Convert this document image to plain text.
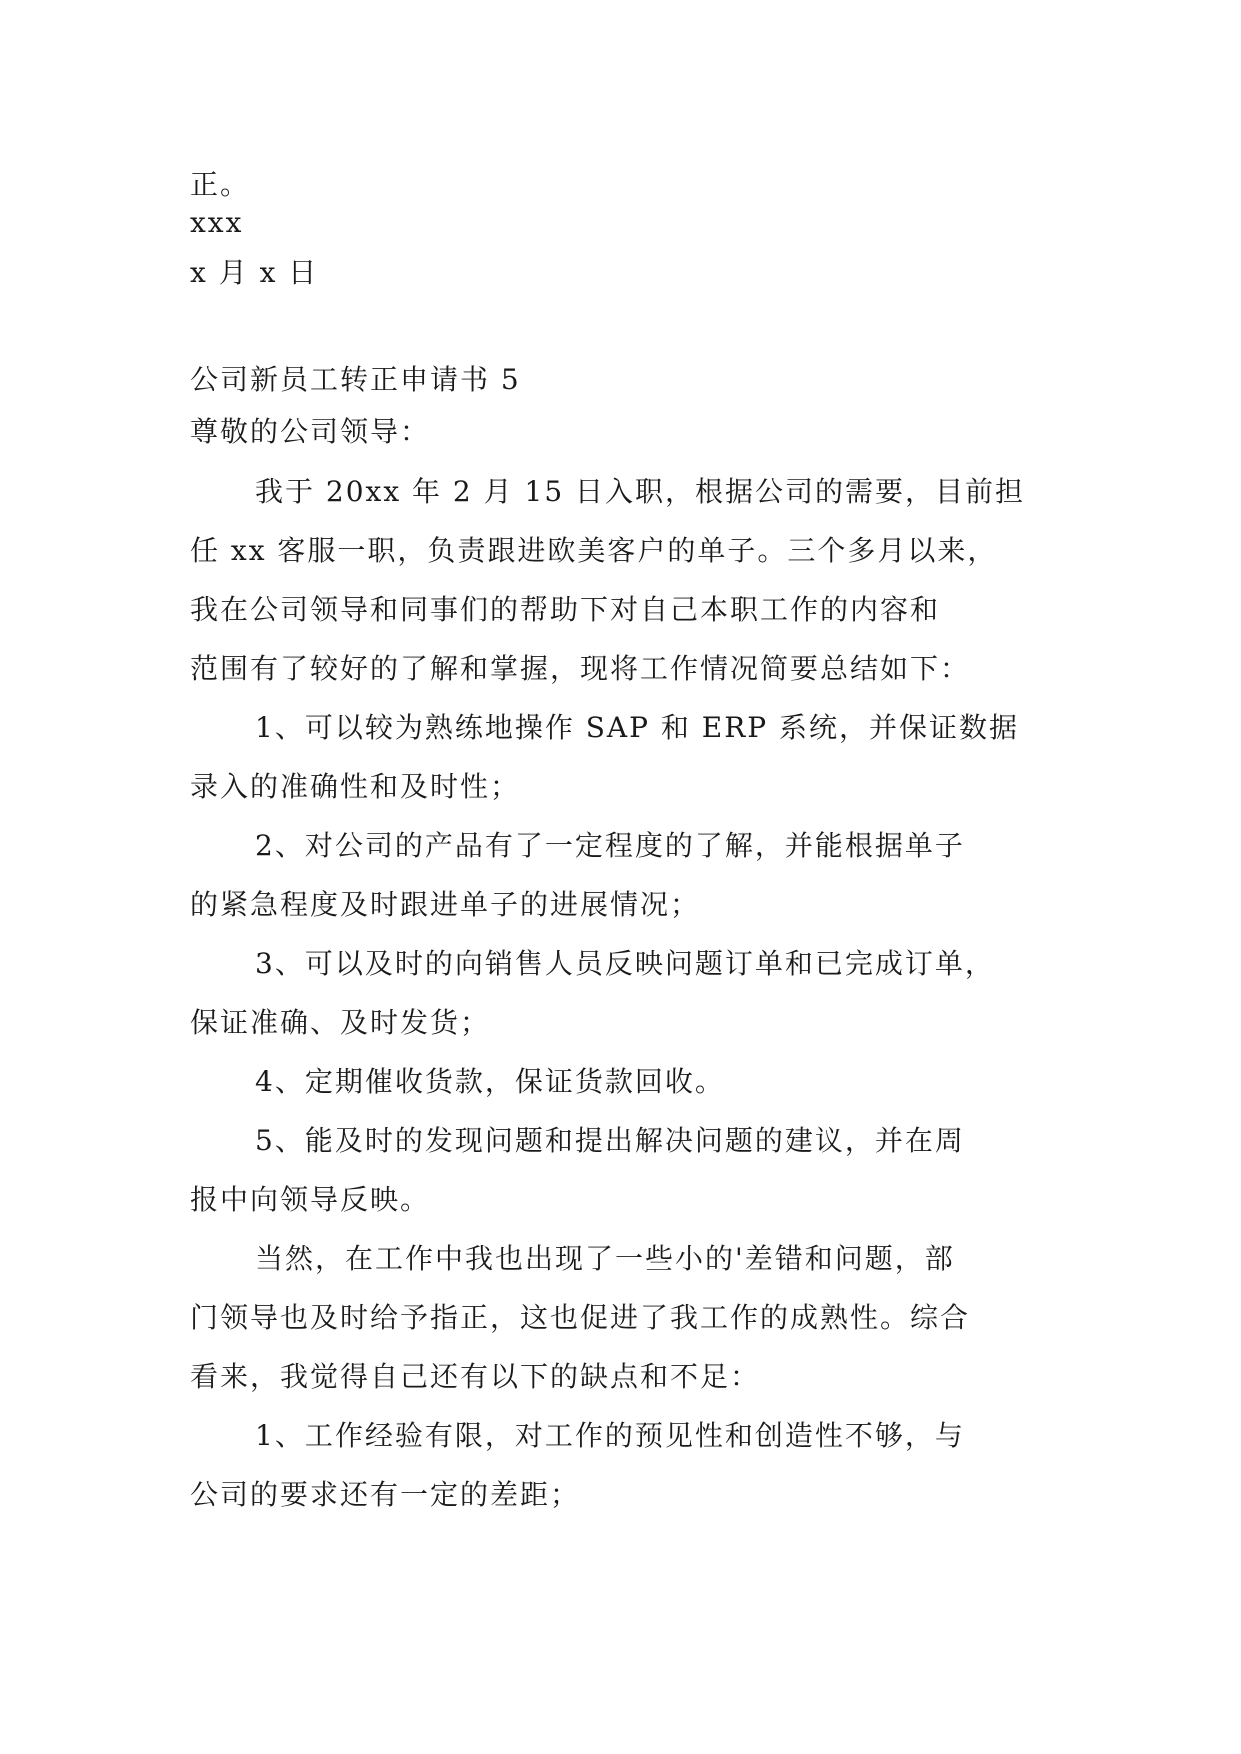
正。
xxx
x 月 x 日
公司新员工转正申请书 5
尊敬的公司领导：
我于 20xx 年 2 月 15 日入职，根据公司的需要，目前担
任 xx 客服一职，负责跟进欧美客户的单子。三个多月以来，
我在公司领导和同事们的帮助下对自己本职工作的内容和
范围有了较好的了解和掌握，现将工作情况简要总结如下：
1、可以较为熟练地操作 SAP 和 ERP 系统，并保证数据
录入的准确性和及时性；
2、对公司的产品有了一定程度的了解，并能根据单子
的紧急程度及时跟进单子的进展情况；
3、可以及时的向销售人员反映问题订单和已完成订单，
保证准确、及时发货；
4、定期催收货款，保证货款回收。
5、能及时的发现问题和提出解决问题的建议，并在周
报中向领导反映。
当然，在工作中我也出现了一些小的'差错和问题，部
门领导也及时给予指正，这也促进了我工作的成熟性。综合
看来，我觉得自己还有以下的缺点和不足：
1、工作经验有限，对工作的预见性和创造性不够，与
公司的要求还有一定的差距；
